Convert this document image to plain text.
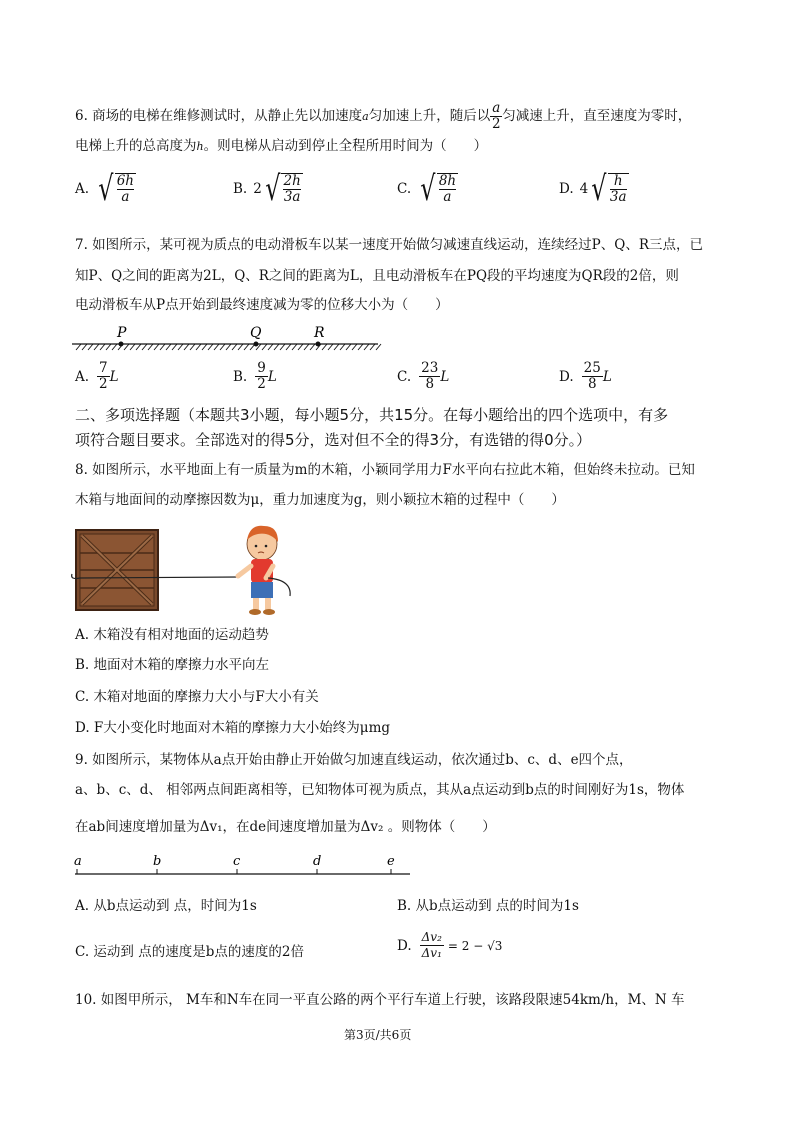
6. 商场的电梯在维修测试时，从静止先以加速度a匀加速上升，随后以 $\frac{a}{2}$ 匀减速上升，直至速度为零时，
电梯上升的总高度为h。则电梯从启动到停止全程所用时间为（　　）
A. √ 6h
a	B. 2 √ 2h
3a	C. √ 8h
a	D. 4 √ h
3a
7. 如图所示，某可视为质点的电动滑板车以某一速度开始做匀减速直线运动，连续经过P、Q、R三点，已
知P、Q之间的距离为2L，Q、R之间的距离为L，且电动滑板车在PQ段的平均速度为QR段的2倍，则
电动滑板车从P点开始到最终速度减为零的位移大小为（　　）
P	Q	R
A. $\frac{7}{2}$ L	B. $\frac{9}{2}$ L	C. $\frac{23}{8}$ L	D. $\frac{25}{8}$ L
二、多项选择题（本题共3小题，每小题5分，共15分。在每小题给出的四个选项中，有多
项符合题目要求。全部选对的得5分，选对但不全的得3分，有选错的得0分。）
8. 如图所示，水平地面上有一质量为m的木箱，小颖同学用力F水平向右拉此木箱，但始终未拉动。已知
木箱与地面间的动摩擦因数为μ，重力加速度为g，则小颖拉木箱的过程中（　　）
A. 木箱没有相对地面的运动趋势
B. 地面对木箱的摩擦力水平向左
C. 木箱对地面的摩擦力大小与F大小有关
D. F大小变化时地面对木箱的摩擦力大小始终为μmg
9. 如图所示，某物体从a点开始由静止开始做匀加速直线运动，依次通过b、c、d、e四个点，
a、b、c、d、 相邻两点间距离相等，已知物体可视为质点，其从a点运动到b点的时间刚好为1s，物体
在ab间速度增加量为Δv₁，在de间速度增加量为Δv₂ 。则物体（　　）
a	b	c	d	e
A. 从b点运动到 点，时间为1s	B. 从b点运动到 点的时间为1s
C. 运动到 点的速度是b点的速度的2倍	D. $\frac{\text{Δv₂}}{\text{Δv₁}} = 2 - √3$
10. 如图甲所示， M车和N车在同一平直公路的两个平行车道上行驶，该路段限速54km/h，M、N 车
第3页/共6页
